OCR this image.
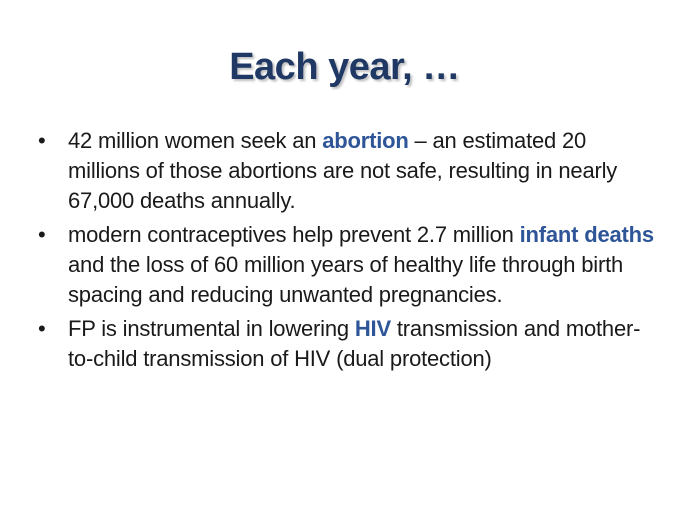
Each year, …
•	42 million women seek an abortion – an estimated 20 millions of those abortions are not safe, resulting in nearly 67,000 deaths annually.
•	modern contraceptives help prevent 2.7 million infant deaths and the loss of 60 million years of healthy life through birth spacing and reducing unwanted pregnancies.
•	FP is instrumental in lowering HIV transmission and mother-to-child transmission of HIV (dual protection)
